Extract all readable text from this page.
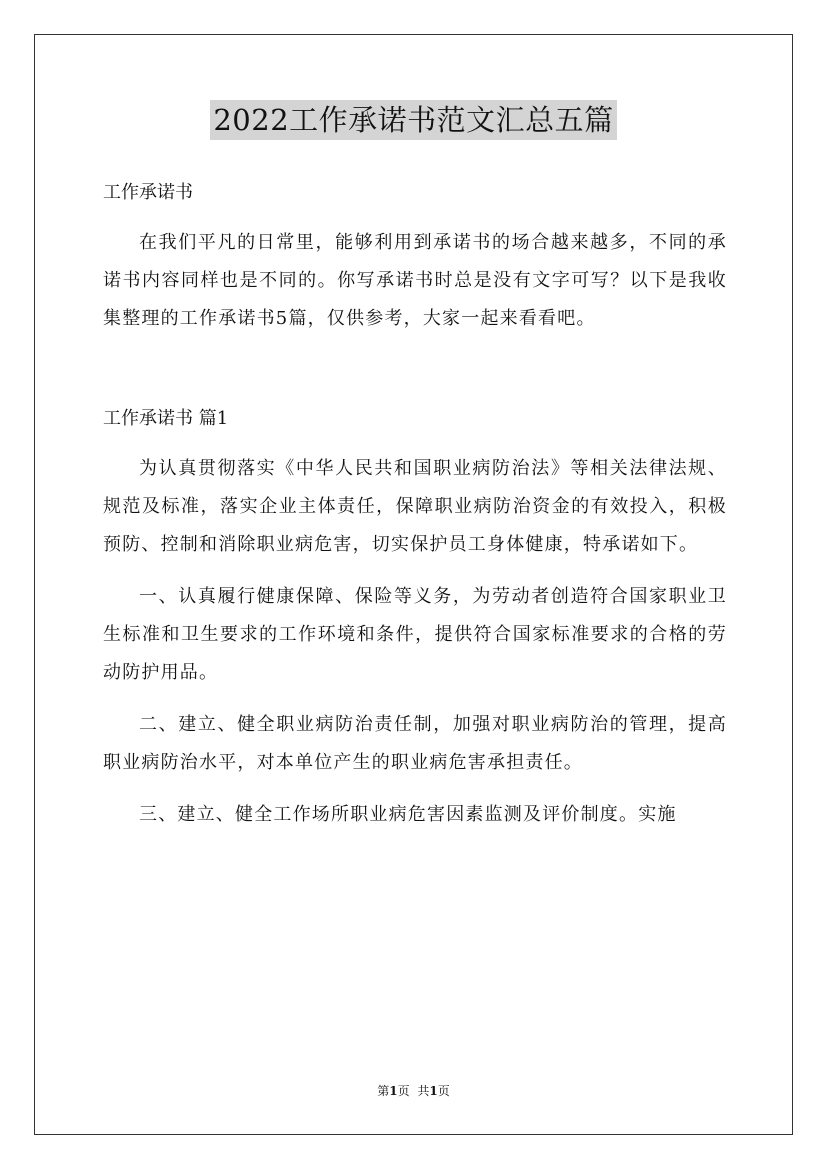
2022工作承诺书范文汇总五篇

工作承诺书

在我们平凡的日常里，能够利用到承诺书的场合越来越多，不同的承诺书内容同样也是不同的。你写承诺书时总是没有文字可写？以下是我收集整理的工作承诺书5篇，仅供参考，大家一起来看看吧。

工作承诺书 篇1

为认真贯彻落实《中华人民共和国职业病防治法》等相关法律法规、规范及标准，落实企业主体责任，保障职业病防治资金的有效投入，积极预防、控制和消除职业病危害，切实保护员工身体健康，特承诺如下。

一、认真履行健康保障、保险等义务，为劳动者创造符合国家职业卫生标准和卫生要求的工作环境和条件，提供符合国家标准要求的合格的劳动防护用品。

二、建立、健全职业病防治责任制，加强对职业病防治的管理，提高职业病防治水平，对本单位产生的职业病危害承担责任。

三、建立、健全工作场所职业病危害因素监测及评价制度。实施

第1页 共1页
